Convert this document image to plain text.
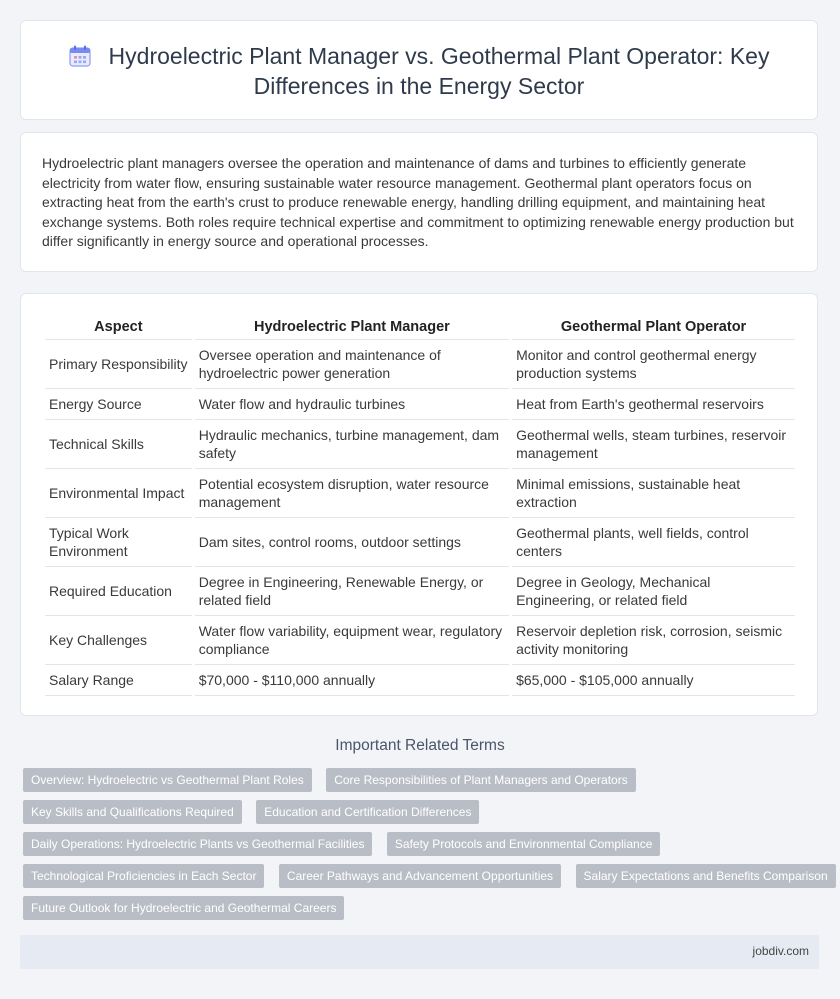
Hydroelectric Plant Manager vs. Geothermal Plant Operator: Key Differences in the Energy Sector
Hydroelectric plant managers oversee the operation and maintenance of dams and turbines to efficiently generate electricity from water flow, ensuring sustainable water resource management. Geothermal plant operators focus on extracting heat from the earth's crust to produce renewable energy, handling drilling equipment, and maintaining heat exchange systems. Both roles require technical expertise and commitment to optimizing renewable energy production but differ significantly in energy source and operational processes.
Aspect	Hydroelectric Plant Manager	Geothermal Plant Operator
Primary Responsibility	Oversee operation and maintenance of hydroelectric power generation	Monitor and control geothermal energy production systems
Energy Source	Water flow and hydraulic turbines	Heat from Earth's geothermal reservoirs
Technical Skills	Hydraulic mechanics, turbine management, dam safety	Geothermal wells, steam turbines, reservoir management
Environmental Impact	Potential ecosystem disruption, water resource management	Minimal emissions, sustainable heat extraction
Typical Work Environment	Dam sites, control rooms, outdoor settings	Geothermal plants, well fields, control centers
Required Education	Degree in Engineering, Renewable Energy, or related field	Degree in Geology, Mechanical Engineering, or related field
Key Challenges	Water flow variability, equipment wear, regulatory compliance	Reservoir depletion risk, corrosion, seismic activity monitoring
Salary Range	$70,000 - $110,000 annually	$65,000 - $105,000 annually
Important Related Terms
Overview: Hydroelectric vs Geothermal Plant Roles	Core Responsibilities of Plant Managers and Operators
Key Skills and Qualifications Required	Education and Certification Differences
Daily Operations: Hydroelectric Plants vs Geothermal Facilities	Safety Protocols and Environmental Compliance
Technological Proficiencies in Each Sector	Career Pathways and Advancement Opportunities	Salary Expectations and Benefits Comparison
Future Outlook for Hydroelectric and Geothermal Careers
jobdiv.com
